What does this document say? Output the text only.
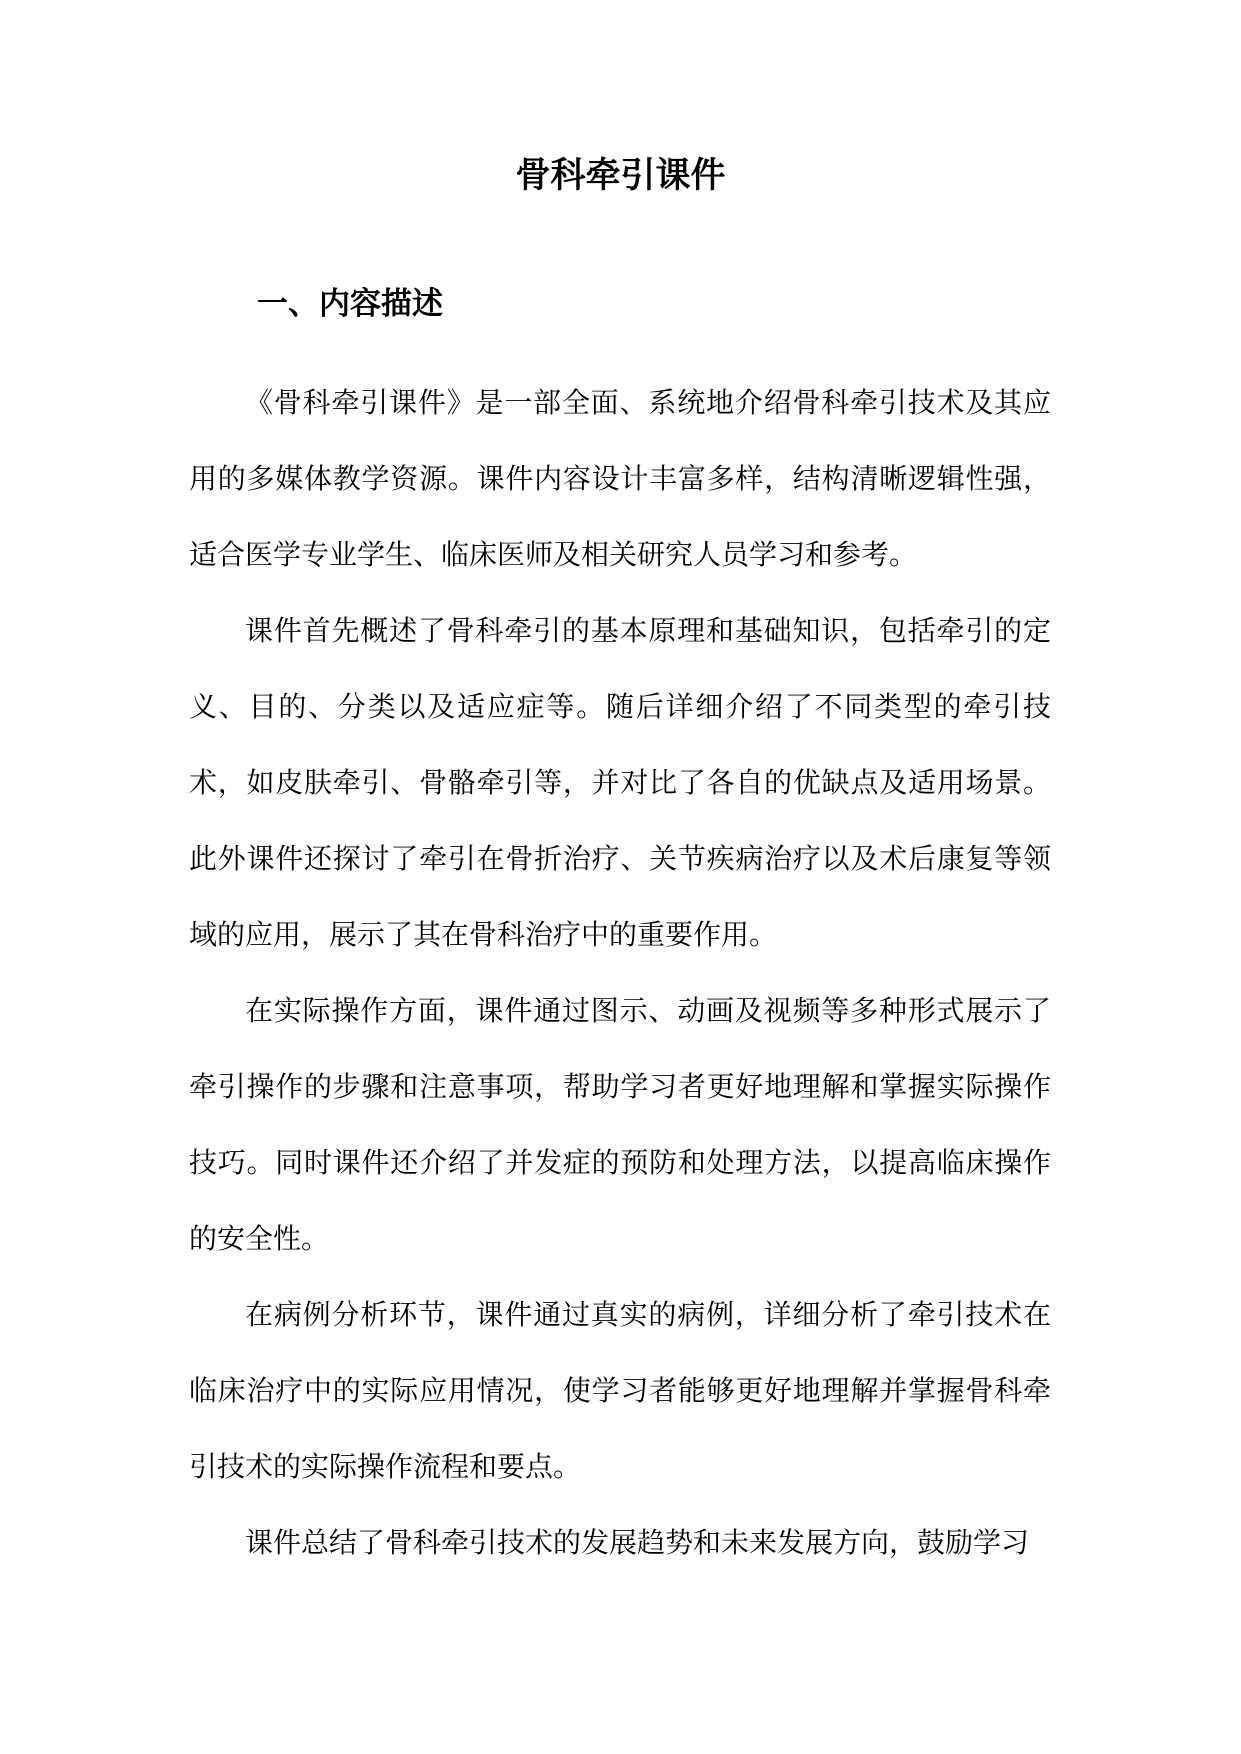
骨科牵引课件
一、内容描述

《骨科牵引课件》是一部全面、系统地介绍骨科牵引技术及其应用的多媒体教学资源。课件内容设计丰富多样，结构清晰逻辑性强，适合医学专业学生、临床医师及相关研究人员学习和参考。

课件首先概述了骨科牵引的基本原理和基础知识，包括牵引的定义、目的、分类以及适应症等。随后详细介绍了不同类型的牵引技术，如皮肤牵引、骨骼牵引等，并对比了各自的优缺点及适用场景。此外课件还探讨了牵引在骨折治疗、关节疾病治疗以及术后康复等领域的应用，展示了其在骨科治疗中的重要作用。

在实际操作方面，课件通过图示、动画及视频等多种形式展示了牵引操作的步骤和注意事项，帮助学习者更好地理解和掌握实际操作技巧。同时课件还介绍了并发症的预防和处理方法，以提高临床操作的安全性。

在病例分析环节，课件通过真实的病例，详细分析了牵引技术在临床治疗中的实际应用情况，使学习者能够更好地理解并掌握骨科牵引技术的实际操作流程和要点。

课件总结了骨科牵引技术的发展趋势和未来发展方向，鼓励学习
